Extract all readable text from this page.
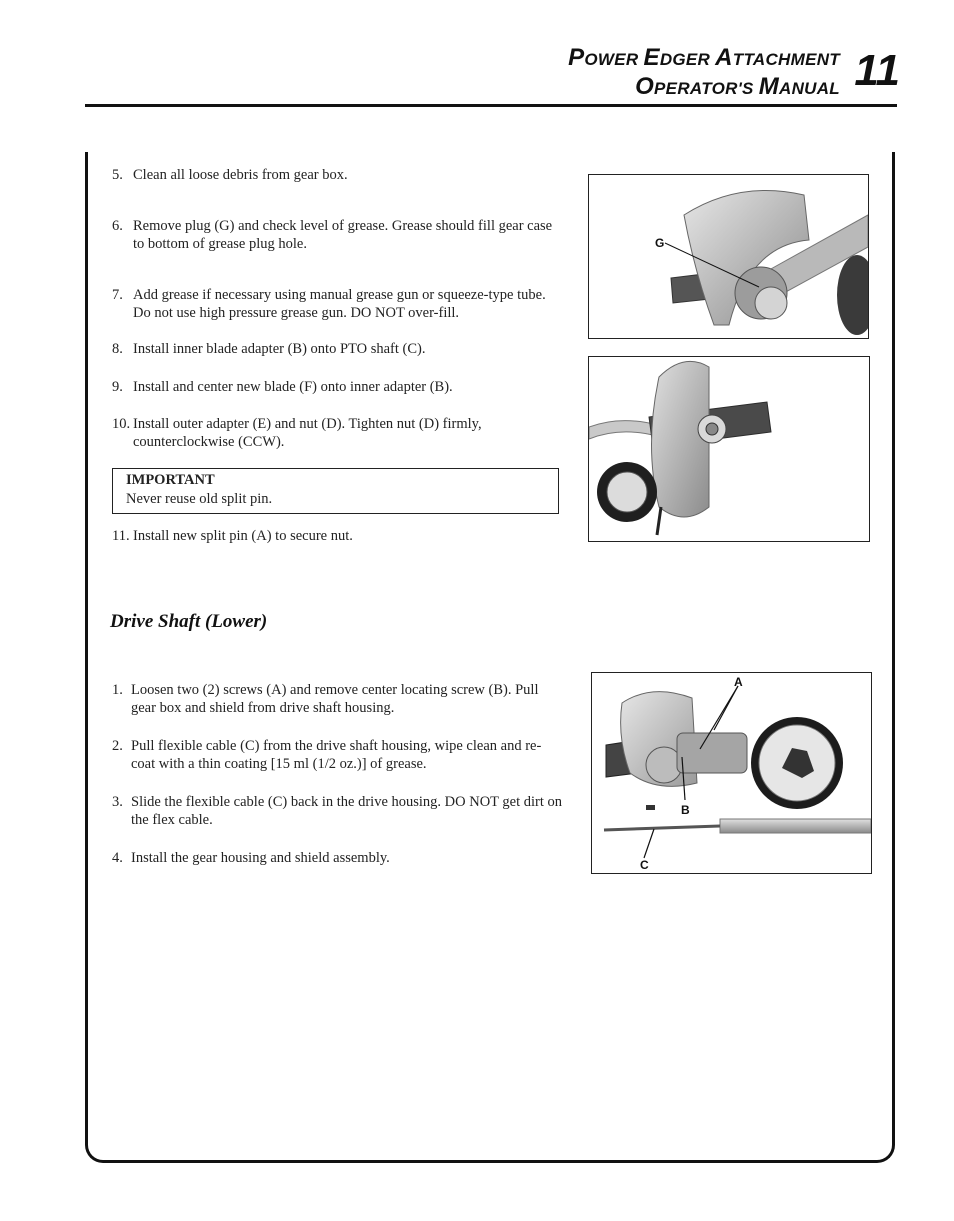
POWER EDGER ATTACHMENT
OPERATOR'S MANUAL 11
5. Clean all loose debris from gear box.
6. Remove plug (G) and check level of grease. Grease should fill gear case to bottom of grease plug hole.
7. Add grease if necessary using manual grease gun or squeeze-type tube. Do not use high pressure grease gun. DO NOT over-fill.
8. Install inner blade adapter (B) onto PTO shaft (C).
9. Install and center new blade (F) onto inner adapter (B).
10. Install outer adapter (E) and nut (D). Tighten nut (D) firmly, counterclockwise (CCW).
IMPORTANT
Never reuse old split pin.
11. Install new split pin (A) to secure nut.
Drive Shaft (Lower)
1. Loosen two (2) screws (A) and remove center locating screw (B). Pull gear box and shield from drive shaft housing.
2. Pull flexible cable (C) from the drive shaft housing, wipe clean and re-coat with a thin coating [15 ml (1/2 oz.)] of grease.
3. Slide the flexible cable (C) back in the drive housing. DO NOT get dirt on the flex cable.
4. Install the gear housing and shield assembly.
G
A
B
C
